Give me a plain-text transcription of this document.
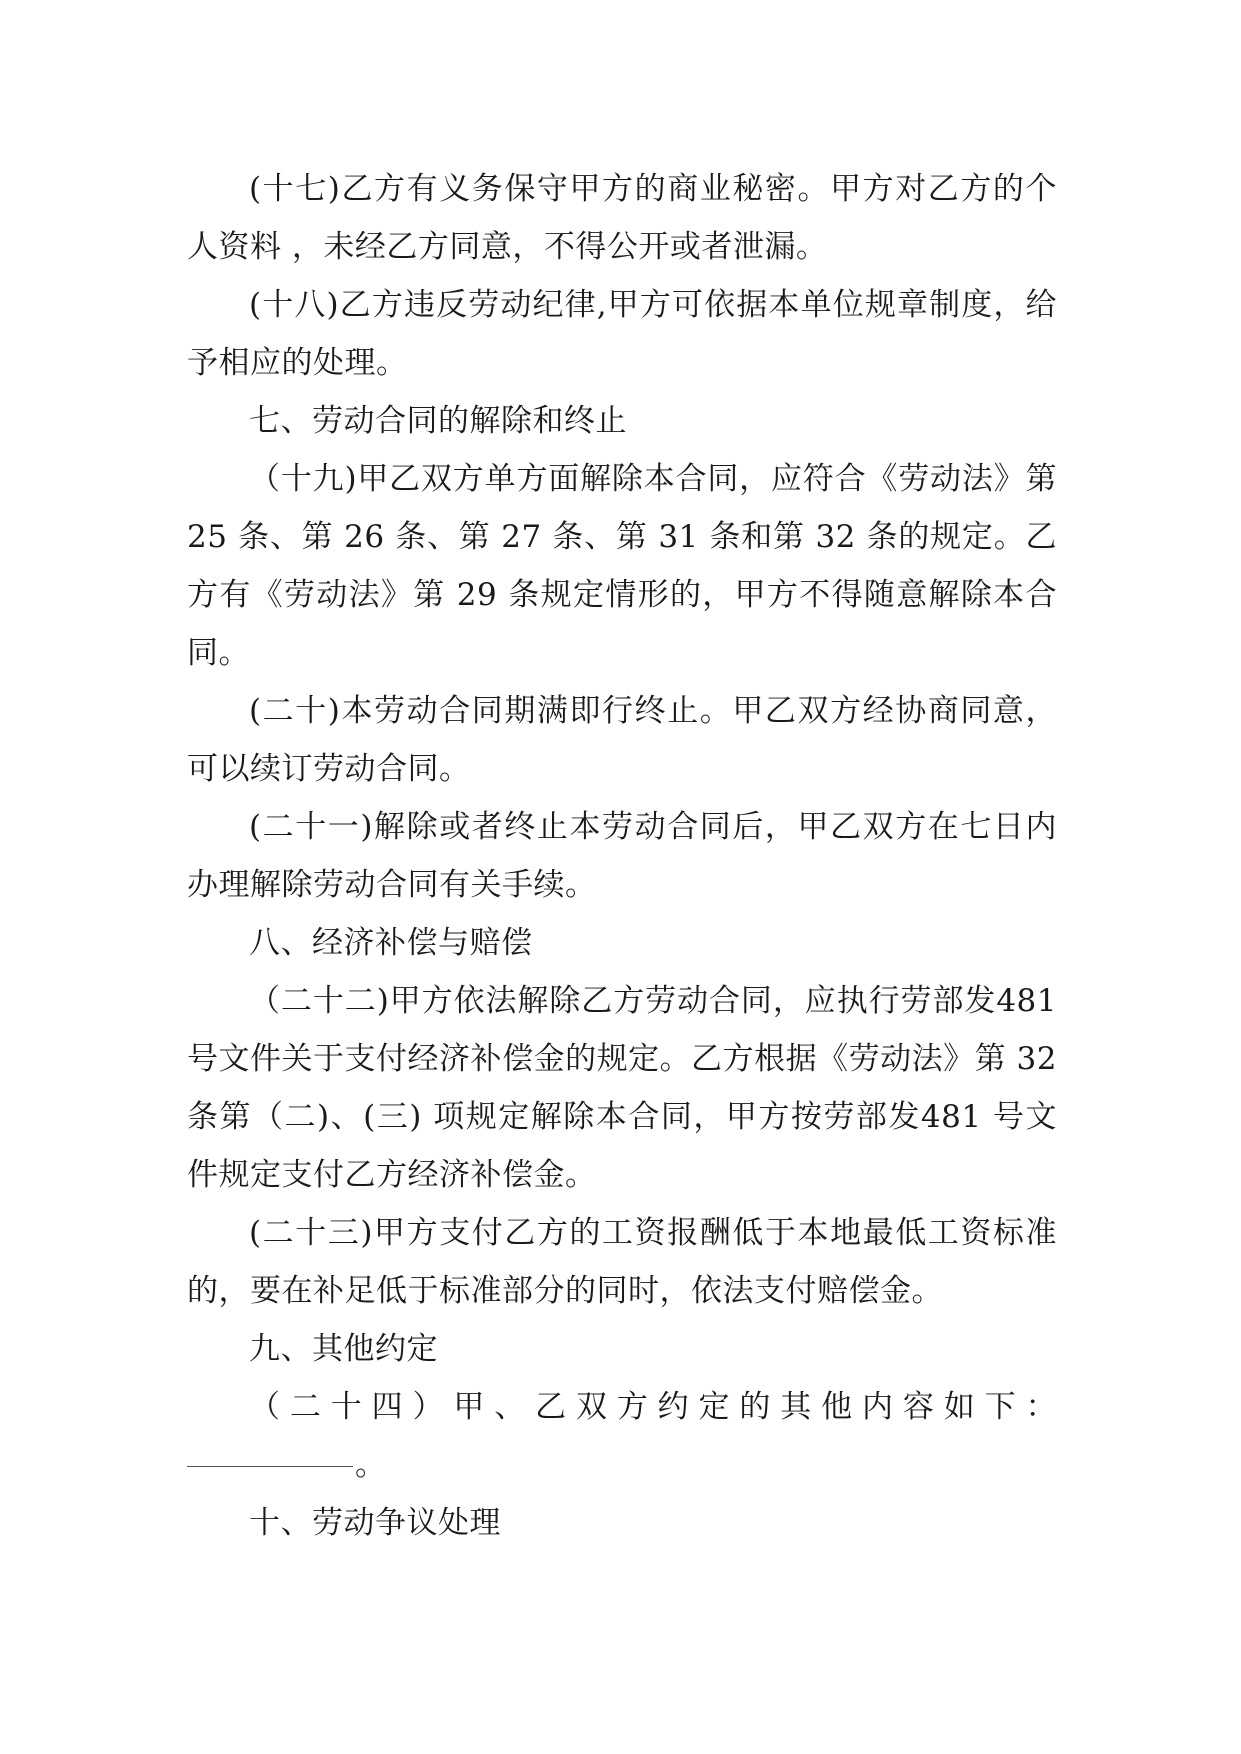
(十七)乙方有义务保守甲方的商业秘密。甲方对乙方的个人资料 ，未经乙方同意，不得公开或者泄漏。

(十八)乙方违反劳动纪律,甲方可依据本单位规章制度，给予相应的处理。

七、劳动合同的解除和终止

（十九)甲乙双方单方面解除本合同，应符合《劳动法》第 25 条、第 26 条、第 27 条、第 31 条和第 32 条的规定。乙方有《劳动法》第 29 条规定情形的，甲方不得随意解除本合同。

(二十)本劳动合同期满即行终止。甲乙双方经协商同意，可以续订劳动合同。

(二十一)解除或者终止本劳动合同后，甲乙双方在七日内办理解除劳动合同有关手续。

八、经济补偿与赔偿

（二十二)甲方依法解除乙方劳动合同，应执行劳部发481 号文件关于支付经济补偿金的规定。乙方根据《劳动法》第 32 条第（二)、(三) 项规定解除本合同，甲方按劳部发481 号文件规定支付乙方经济补偿金。

(二十三)甲方支付乙方的工资报酬低于本地最低工资标准的，要在补足低于标准部分的同时，依法支付赔偿金。

九、其他约定

（二十四）甲、乙双方约定的其他内容如下：

。

十、劳动争议处理
